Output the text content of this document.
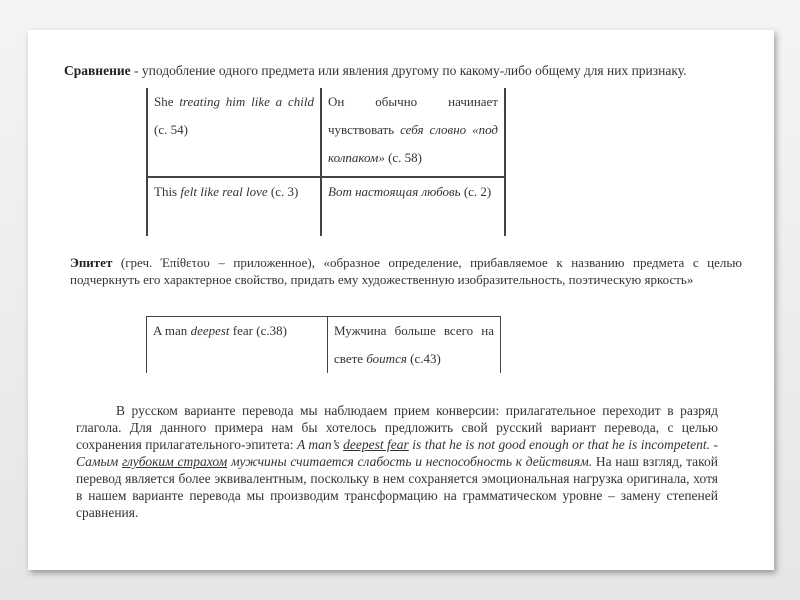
Сравнение - уподобление одного предмета или явления другому по какому-либо общему для них признаку.
She treating him like a child (с. 54)	Он обычно начинает чувствовать себя словно «под колпаком» (с. 58)
This felt like real love (с. 3)	Вот настоящая любовь (с. 2)
Эпитет (греч. Έπίθετου – приложенное), «образное определение, прибавляемое к названию предмета с целью подчеркнуть его характерное свойство, придать ему художественную изобразительность, поэтическую яркость»
A man deepest fear (с.38)	Мужчина больше всего на свете боится (с.43)
В русском варианте перевода мы наблюдаем прием конверсии: прилагательное переходит в разряд глагола. Для данного примера нам бы хотелось предложить свой русский вариант перевода, с целью сохранения прилагательного-эпитета: A man’s deepest fear is that he is not good enough or that he is incompetent. - Самым глубоким страхом мужчины считается слабость и неспособность к действиям. На наш взгляд, такой перевод является более эквивалентным, поскольку в нем сохраняется эмоциональная нагрузка оригинала, хотя в нашем варианте перевода мы производим трансформацию на грамматическом уровне – замену степеней сравнения.
